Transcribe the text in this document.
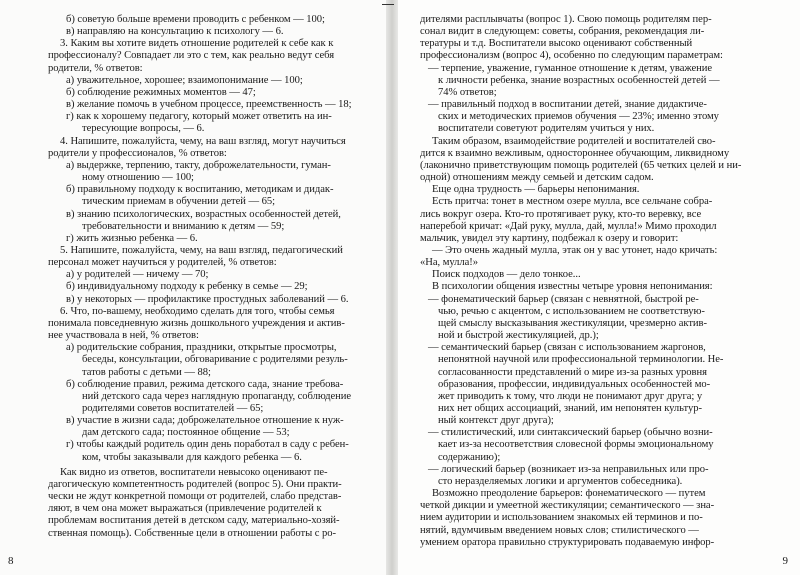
б) советую больше времени проводить с ребенком — 100;
в) направляю на консультацию к психологу — 6.
3. Каким вы хотите видеть отношение родителей к себе как к
профессионалу? Совпадает ли это с тем, как реально ведут себя
родители, % ответов:
а) уважительное, хорошее; взаимопонимание — 100;
б) соблюдение режимных моментов — 47;
в) желание помочь в учебном процессе, преемственность — 18;
г) как к хорошему педагогу, который может ответить на ин-
тересующие вопросы, — 6.
4. Напишите, пожалуйста, чему, на ваш взгляд, могут научиться
родители у профессионалов, % ответов:
а) выдержке, терпению, такту, доброжелательности, гуман-
ному отношению — 100;
б) правильному подходу к воспитанию, методикам и дидак-
тическим приемам в обучении детей — 65;
в) знанию психологических, возрастных особенностей детей,
требовательности и вниманию к детям — 59;
г) жить жизнью ребенка — 6.
5. Напишите, пожалуйста, чему, на ваш взгляд, педагогический
персонал может научиться у родителей, % ответов:
а) у родителей — ничему — 70;
б) индивидуальному подходу к ребенку в семье — 29;
в) у некоторых — профилактике простудных заболеваний — 6.
6. Что, по-вашему, необходимо сделать для того, чтобы семья
понимала повседневную жизнь дошкольного учреждения и актив-
нее участвовала в ней, % ответов:
а) родительские собрания, праздники, открытые просмотры,
беседы, консультации, обговаривание с родителями резуль-
татов работы с детьми — 88;
б) соблюдение правил, режима детского сада, знание требова-
ний детского сада через наглядную пропаганду, соблюдение
родителями советов воспитателей — 65;
в) участие в жизни сада; доброжелательное отношение к нуж-
дам детского сада; постоянное общение — 53;
г) чтобы каждый родитель один день поработал в саду с ребен-
ком, чтобы заказывали для каждого ребенка — 6.
Как видно из ответов, воспитатели невысоко оценивают пе-
дагогическую компетентность родителей (вопрос 5). Они практи-
чески не ждут конкретной помощи от родителей, слабо представ-
ляют, в чем она может выражаться (привлечение родителей к
проблемам воспитания детей в детском саду, материально-хозяй-
ственная помощь). Собственные цели в отношении работы с ро-
8
дителями расплывчаты (вопрос 1). Свою помощь родителям пер-
сонал видит в следующем: советы, собрания, рекомендация ли-
тературы и т.д. Воспитатели высоко оценивают собственный
профессионализм (вопрос 4), особенно по следующим параметрам:
— терпение, уважение, гуманное отношение к детям, уважение
к личности ребенка, знание возрастных особенностей детей —
74% ответов;
— правильный подход в воспитании детей, знание дидактиче-
ских и методических приемов обучения — 23%; именно этому
воспитатели советуют родителям учиться у них.
Таким образом, взаимодействие родителей и воспитателей сво-
дится к взаимно вежливым, одностороннее обучающим, ликвидному
(лаконично приветствующим помощь родителей (65 четких целей и ни-
одной) отношениям между семьей и детским садом.
Еще одна трудность — барьеры непонимания.
Есть притча: тонет в местном озере мулла, все сельчане собра-
лись вокруг озера. Кто-то протягивает руку, кто-то веревку, все
наперебой кричат: «Дай руку, мулла, дай, мулла!» Мимо проходил
мальчик, увидел эту картину, подбежал к озеру и говорит:
— Это очень жадный мулла, этак он у вас утонет, надо кричать:
«На, мулла!»
Поиск подходов — дело тонкое...
В психологии общения известны четыре уровня непонимания:
— фонематический барьер (связан с невнятной, быстрой ре-
чью, речью с акцентом, с использованием не соответствую-
щей смыслу высказывания жестикуляции, чрезмерно актив-
ной и быстрой жестикуляцией, др.);
— семантический барьер (связан с использованием жаргонов,
непонятной научной или профессиональной терминологии. Не-
согласованности представлений о мире из-за разных уровня
образования, профессии, индивидуальных особенностей мо-
жет приводить к тому, что люди не понимают друг друга; у
них нет общих ассоциаций, знаний, им непонятен культур-
ный контекст друг друга);
— стилистический, или синтаксический барьер (обычно возни-
кает из-за несоответствия словесной формы эмоциональному
содержанию);
— логический барьер (возникает из-за неправильных или про-
сто неразделяемых логики и аргументов собеседника).
Возможно преодоление барьеров: фонематического — путем
четкой дикции и умеетной жестикуляции; семантического — зна-
нием аудитории и использованием знакомых ей терминов и по-
нятий, вдумчивым введением новых слов; стилистического —
умением оратора правильно структурировать подаваемую инфор-
9
